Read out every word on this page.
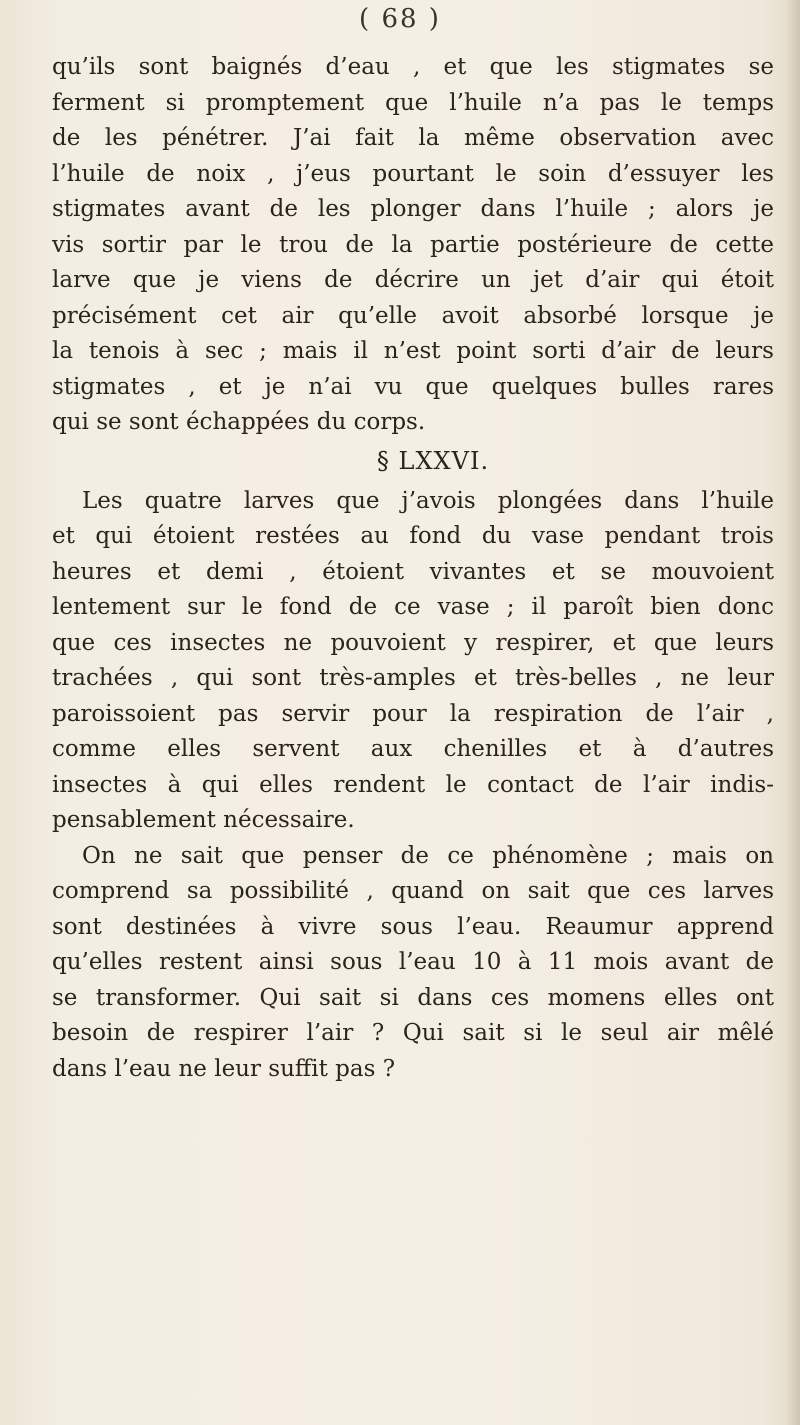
( 68 )
qu’ils sont baignés d’eau , et que les stigmates se
ferment si promptement que l’huile n’a pas le temps
de les pénétrer. J’ai fait la même observation avec
l’huile de noix , j’eus pourtant le soin d’essuyer les
stigmates avant de les plonger dans l’huile ; alors je
vis sortir par le trou de la partie postérieure de cette
larve que je viens de décrire un jet d’air qui étoit
précisément cet air qu’elle avoit absorbé lorsque je
la tenois à sec ; mais il n’est point sorti d’air de leurs
stigmates , et je n’ai vu que quelques bulles rares
qui se sont échappées du corps.
§ LXXVI.
Les quatre larves que j’avois plongées dans l’huile
et qui étoient restées au fond du vase pendant trois
heures et demi , étoient vivantes et se mouvoient
lentement sur le fond de ce vase ; il paroît bien donc
que ces insectes ne pouvoient y respirer, et que leurs
trachées , qui sont très-amples et très-belles , ne leur
paroissoient pas servir pour la respiration de l’air ,
comme elles servent aux chenilles et à d’autres
insectes à qui elles rendent le contact de l’air indis-
pensablement nécessaire.
On ne sait que penser de ce phénomène ; mais on
comprend sa possibilité , quand on sait que ces larves
sont destinées à vivre sous l’eau. Reaumur apprend
qu’elles restent ainsi sous l’eau 10 à 11 mois avant de
se transformer. Qui sait si dans ces momens elles ont
besoin de respirer l’air ? Qui sait si le seul air mêlé
dans l’eau ne leur suffit pas ?
